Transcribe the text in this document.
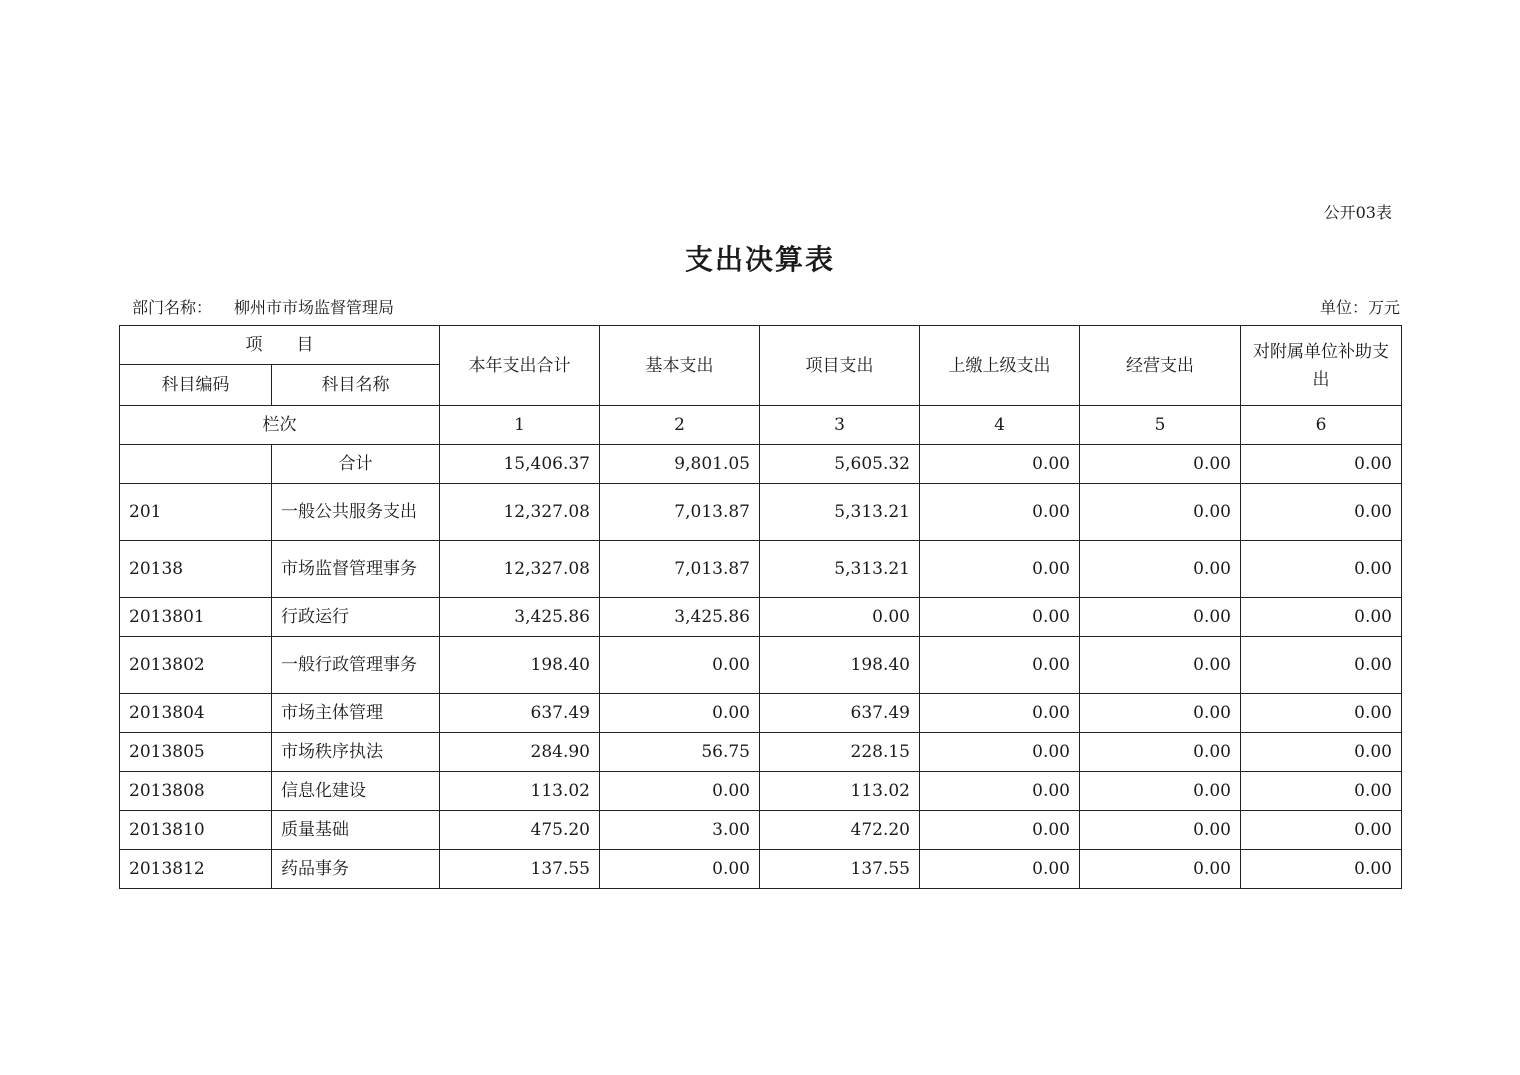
公开03表
支出决算表
部门名称： 柳州市市场监督管理局	单位：万元
项　　目		本年支出合计	基本支出	项目支出	上缴上级支出	经营支出	对附属单位补助支出
科目编码	科目名称						
栏次		1	2	3	4	5	6
	合计	15,406.37	9,801.05	5,605.32	0.00	0.00	0.00
201	一般公共服务支出	12,327.08	7,013.87	5,313.21	0.00	0.00	0.00
20138	市场监督管理事务	12,327.08	7,013.87	5,313.21	0.00	0.00	0.00
2013801	行政运行	3,425.86	3,425.86	0.00	0.00	0.00	0.00
2013802	一般行政管理事务	198.40	0.00	198.40	0.00	0.00	0.00
2013804	市场主体管理	637.49	0.00	637.49	0.00	0.00	0.00
2013805	市场秩序执法	284.90	56.75	228.15	0.00	0.00	0.00
2013808	信息化建设	113.02	0.00	113.02	0.00	0.00	0.00
2013810	质量基础	475.20	3.00	472.20	0.00	0.00	0.00
2013812	药品事务	137.55	0.00	137.55	0.00	0.00	0.00
